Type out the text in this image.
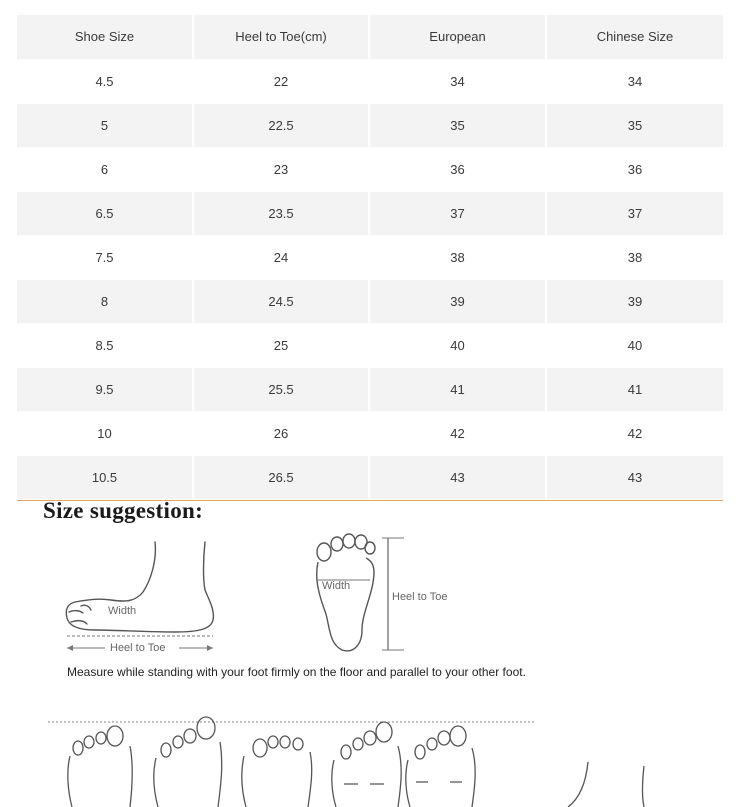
Shoe Size	Heel to Toe(cm)	European	Chinese Size
4.5	22	34	34
5	22.5	35	35
6	23	36	36
6.5	23.5	37	37
7.5	24	38	38
8	24.5	39	39
8.5	25	40	40
9.5	25.5	41	41
10	26	42	42
10.5	26.5	43	43
Size suggestion:
Width
Heel to Toe
Width
Heel to Toe
Measure while standing with your foot firmly on the floor and parallel to your other foot.
